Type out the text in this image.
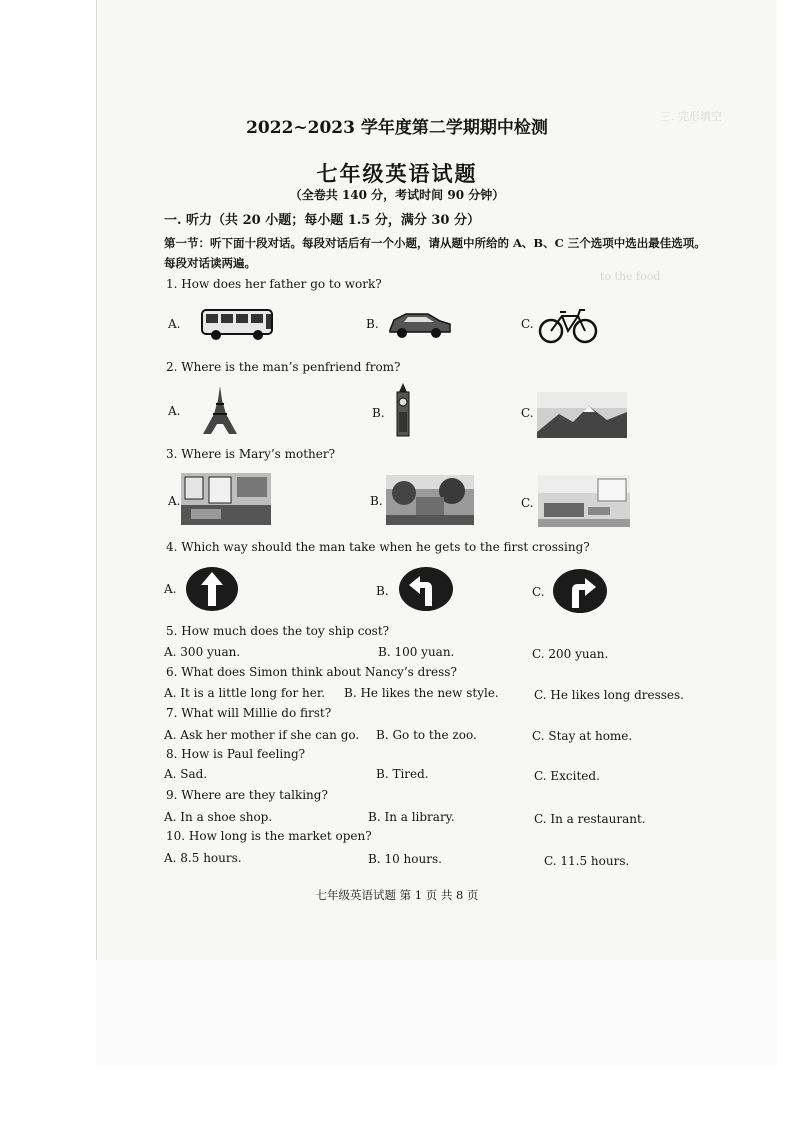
三. 完形填空
to the food
2022~2023 学年度第二学期期中检测
七年级英语试题
（全卷共 140 分，考试时间 90 分钟）
一. 听力（共 20 小题；每小题 1.5 分，满分 30 分）
第一节：听下面十段对话。每段对话后有一个小题，请从题中所给的 A、B、C 三个选项中选出最佳选项。
每段对话读两遍。
1. How does her father go to work?
A.	B.	C.
2. Where is the man’s penfriend from?
A.	B.	C.
3. Where is Mary’s mother?
A.	B.	C.
4. Which way should the man take when he gets to the first crossing?
A.	B.	C.
5. How much does the toy ship cost?
A. 300 yuan.	B. 100 yuan.	C. 200 yuan.
6. What does Simon think about Nancy’s dress?
A. It is a little long for her. B. He likes the new style.	C. He likes long dresses.
7. What will Millie do first?
A. Ask her mother if she can go. B. Go to the zoo.	C. Stay at home.
8. How is Paul feeling?
A. Sad.	B. Tired.	C. Excited.
9. Where are they talking?
A. In a shoe shop.	B. In a library.	C. In a restaurant.
10. How long is the market open?
A. 8.5 hours.	B. 10 hours.	C. 11.5 hours.
七年级英语试题 第 1 页 共 8 页
